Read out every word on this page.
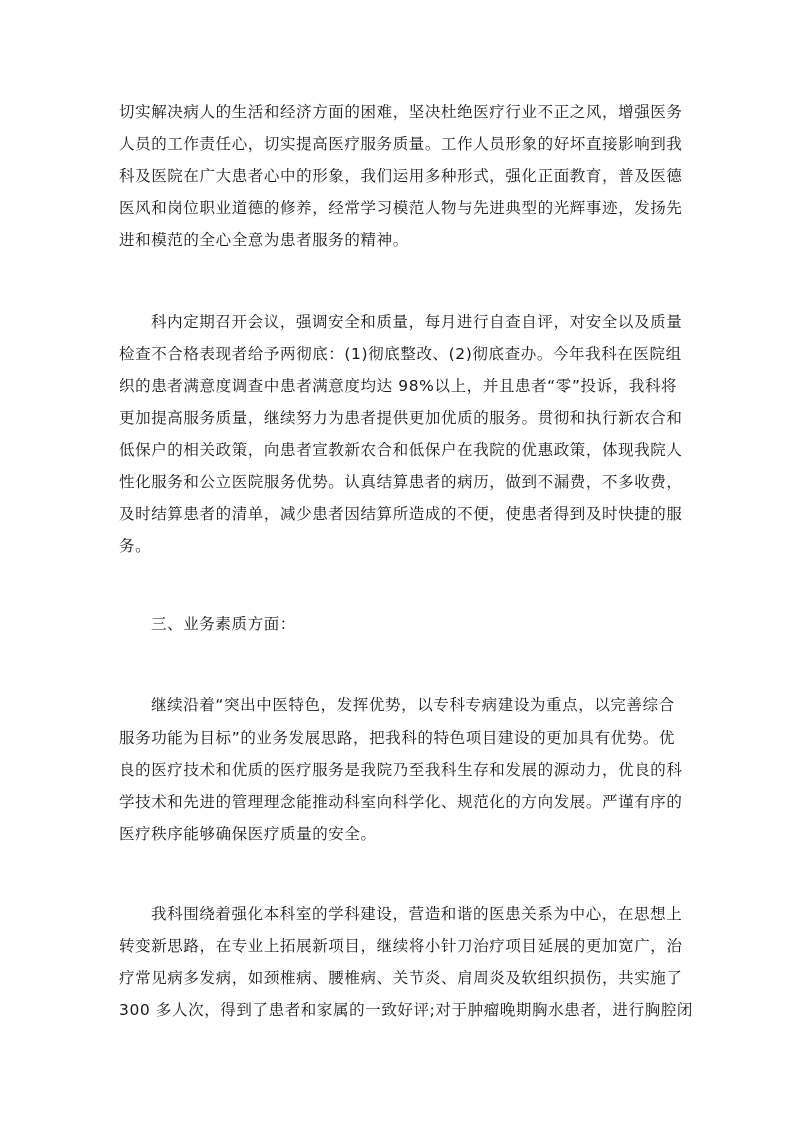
切实解决病人的生活和经济方面的困难，坚决杜绝医疗行业不正之风，增强医务
人员的工作责任心，切实提高医疗服务质量。工作人员形象的好坏直接影响到我
科及医院在广大患者心中的形象，我们运用多种形式，强化正面教育，普及医德
医风和岗位职业道德的修养，经常学习模范人物与先进典型的光辉事迹，发扬先
进和模范的全心全意为患者服务的精神。
科内定期召开会议，强调安全和质量，每月进行自查自评，对安全以及质量
检查不合格表现者给予两彻底：(1)彻底整改、(2)彻底查办。今年我科在医院组
织的患者满意度调查中患者满意度均达 98%以上，并且患者“零”投诉，我科将
更加提高服务质量，继续努力为患者提供更加优质的服务。贯彻和执行新农合和
低保户的相关政策，向患者宣教新农合和低保户在我院的优惠政策，体现我院人
性化服务和公立医院服务优势。认真结算患者的病历，做到不漏费，不多收费，
及时结算患者的清单，减少患者因结算所造成的不便，使患者得到及时快捷的服
务。
三、业务素质方面：
继续沿着“突出中医特色，发挥优势，以专科专病建设为重点，以完善综合
服务功能为目标”的业务发展思路，把我科的特色项目建设的更加具有优势。优
良的医疗技术和优质的医疗服务是我院乃至我科生存和发展的源动力，优良的科
学技术和先进的管理理念能推动科室向科学化、规范化的方向发展。严谨有序的
医疗秩序能够确保医疗质量的安全。
我科围绕着强化本科室的学科建设，营造和谐的医患关系为中心，在思想上
转变新思路，在专业上拓展新项目，继续将小针刀治疗项目延展的更加宽广，治
疗常见病多发病，如颈椎病、腰椎病、关节炎、肩周炎及软组织损伤，共实施了
300 多人次，得到了患者和家属的一致好评;对于肿瘤晚期胸水患者，进行胸腔闭
